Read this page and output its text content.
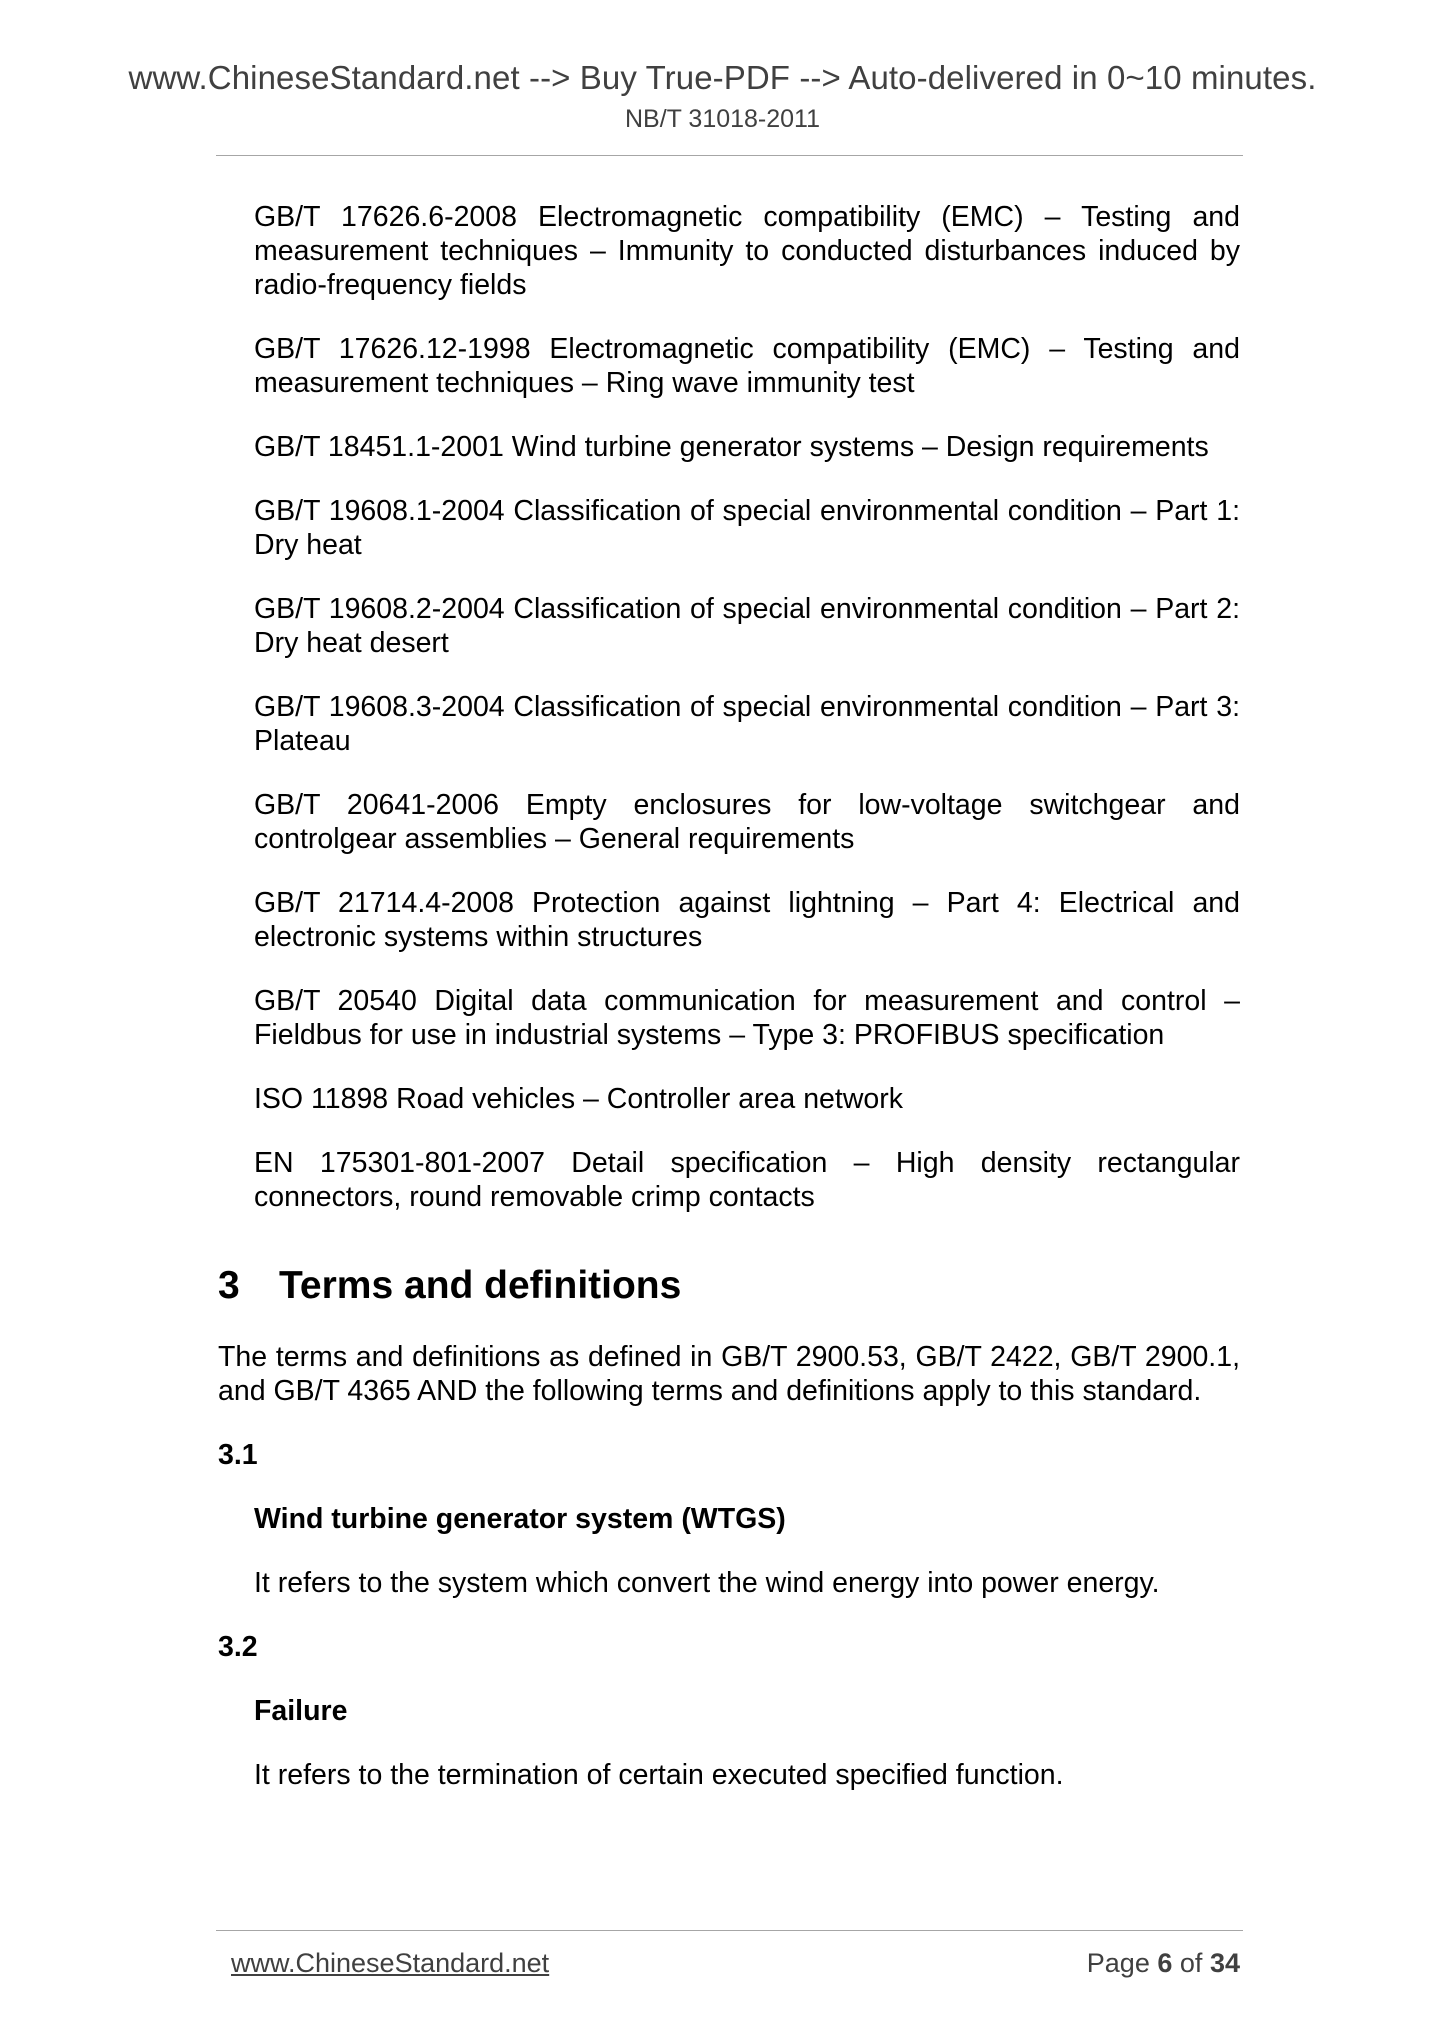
www.ChineseStandard.net --> Buy True-PDF --> Auto-delivered in 0~10 minutes.
NB/T 31018-2011
GB/T 17626.6-2008 Electromagnetic compatibility (EMC) – Testing and measurement techniques – Immunity to conducted disturbances induced by radio-frequency fields
GB/T 17626.12-1998 Electromagnetic compatibility (EMC) – Testing and measurement techniques – Ring wave immunity test
GB/T 18451.1-2001 Wind turbine generator systems – Design requirements
GB/T 19608.1-2004 Classification of special environmental condition – Part 1: Dry heat
GB/T 19608.2-2004 Classification of special environmental condition – Part 2: Dry heat desert
GB/T 19608.3-2004 Classification of special environmental condition – Part 3: Plateau
GB/T 20641-2006 Empty enclosures for low-voltage switchgear and controlgear assemblies – General requirements
GB/T 21714.4-2008 Protection against lightning – Part 4: Electrical and electronic systems within structures
GB/T 20540 Digital data communication for measurement and control – Fieldbus for use in industrial systems – Type 3: PROFIBUS specification
ISO 11898 Road vehicles – Controller area network
EN 175301-801-2007 Detail specification – High density rectangular connectors, round removable crimp contacts
3 Terms and definitions

The terms and definitions as defined in GB/T 2900.53, GB/T 2422, GB/T 2900.1, and GB/T 4365 AND the following terms and definitions apply to this standard.

3.1

Wind turbine generator system (WTGS)

It refers to the system which convert the wind energy into power energy.

3.2

Failure

It refers to the termination of certain executed specified function.

www.ChineseStandard.net	Page 6 of 34
